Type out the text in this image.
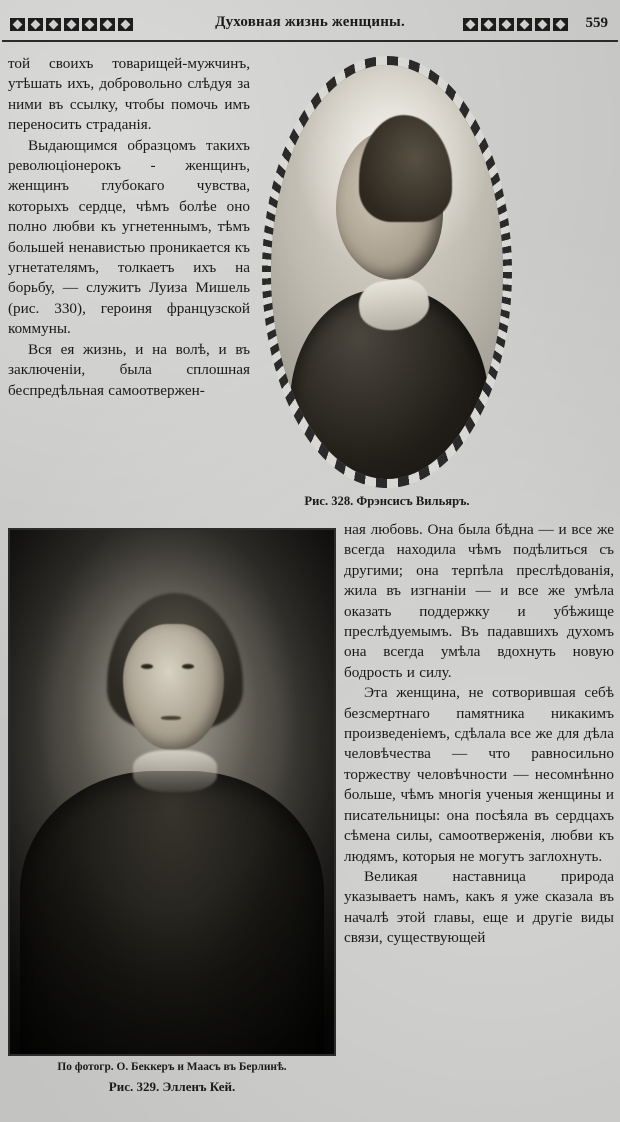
Духовная жизнь женщины.	559

той своихъ товарищей-мужчинъ, утѣшать ихъ, добровольно слѣдуя за ними въ ссылку, чтобы помочь имъ переносить страданія.

Выдающимся образцомъ такихъ революціонерокъ - женщинъ, женщинъ глубокаго чувства, которыхъ сердце, чѣмъ болѣе оно полно любви къ угнетеннымъ, тѣмъ большей ненавистью проникается къ угнетателямъ, толкаетъ ихъ на борьбу, — служитъ Луиза Мишель (рис. 330), героиня французской коммуны.

Вся ея жизнь, и на волѣ, и въ заключеніи, была сплошная беспредѣльная самоотвержен-

Рис. 328. Фрэнсисъ Вильяръ.

ная любовь. Она была бѣдна — и все же всегда находила чѣмъ подѣлиться съ другими; она терпѣла преслѣдованія, жила въ изгнаніи — и все же умѣла оказать поддержку и убѣжище преслѣдуемымъ. Въ падавшихъ духомъ она всегда умѣла вдохнуть новую бодрость и силу.

Эта женщина, не сотворившая себѣ безсмертнаго памятника никакимъ произведеніемъ, сдѣлала все же для дѣла человѣчества — что равносильно торжеству человѣчности — несомнѣнно больше, чѣмъ многія ученыя женщины и писательницы: она посѣяла въ сердцахъ сѣмена силы, самоотверженія, любви къ людямъ, которыя не могутъ заглохнуть.

Великая наставница природа указываетъ намъ, какъ я уже сказала въ началѣ этой главы, еще и другіе виды связи, существующей

По фотогр. О. Беккеръ и Маасъ въ Берлинѣ.
Рис. 329. Элленъ Кей.
